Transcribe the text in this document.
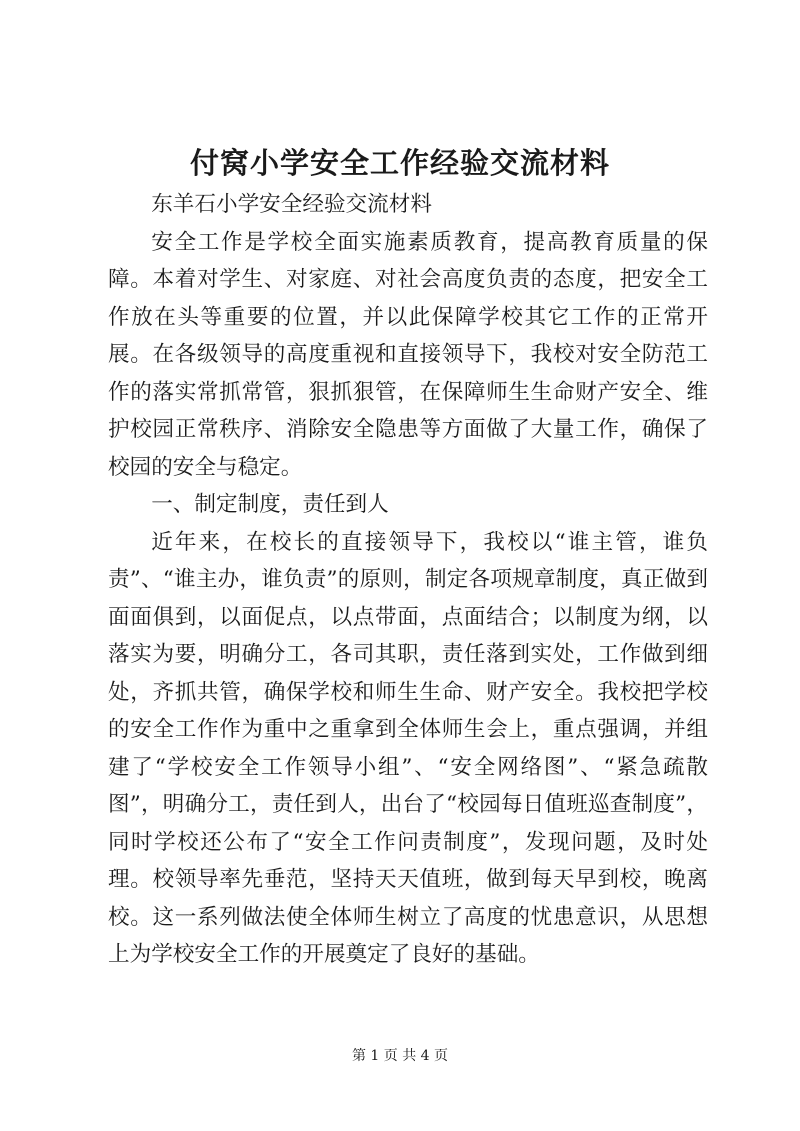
付窝小学安全工作经验交流材料

东羊石小学安全经验交流材料

安全工作是学校全面实施素质教育，提高教育质量的保障。本着对学生、对家庭、对社会高度负责的态度，把安全工作放在头等重要的位置，并以此保障学校其它工作的正常开展。在各级领导的高度重视和直接领导下，我校对安全防范工作的落实常抓常管，狠抓狠管，在保障师生生命财产安全、维护校园正常秩序、消除安全隐患等方面做了大量工作，确保了校园的安全与稳定。

一、制定制度，责任到人

近年来，在校长的直接领导下，我校以“谁主管，谁负责”、“谁主办，谁负责”的原则，制定各项规章制度，真正做到面面俱到，以面促点，以点带面，点面结合；以制度为纲，以落实为要，明确分工，各司其职，责任落到实处，工作做到细处，齐抓共管，确保学校和师生生命、财产安全。我校把学校的安全工作作为重中之重拿到全体师生会上，重点强调，并组建了“学校安全工作领导小组”、“安全网络图”、“紧急疏散图”，明确分工，责任到人，出台了“校园每日值班巡查制度”，同时学校还公布了“安全工作问责制度”，发现问题，及时处理。校领导率先垂范，坚持天天值班，做到每天早到校，晚离校。这一系列做法使全体师生树立了高度的忧患意识，从思想上为学校安全工作的开展奠定了良好的基础。

第 1 页 共 4 页
